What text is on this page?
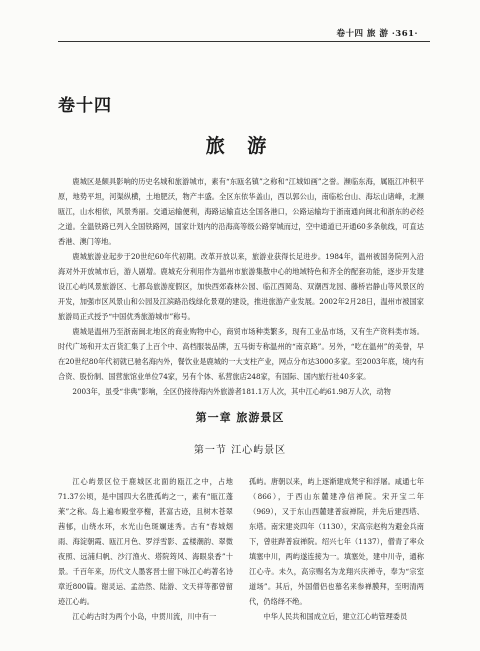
卷十四 旅 游 ·361·
卷十四
旅 游

鹿城区是颇具影响的历史名城和旅游城市，素有“东瓯名镇”之称和“江城如画”之誉。濒临东海，属瓯江冲积平原，地势平坦，河渠纵横，土地肥沃，物产丰盛。全区东依华盖山，西以郭公山，南临松台山、海坛山诸峰，北濒瓯江，山水相依，风景秀丽。交通运输便利，海路运输直达全国各港口，公路运输均于浙南通向闽北和浙东的必经之道。全温铁路已列入全国铁路网，国家计划内的沿海高等级公路穿城而过，空中通道已开通60多条航线，可直达香港、澳门等地。

鹿城旅游业起步于20世纪60年代初期。改革开放以来，旅游业获得长足进步。1984年，温州被国务院列入沿海对外开放城市后，游人剧增。鹿城充分利用作为温州市旅游集散中心的地域特色和齐全的配套功能，逐步开发建设江心屿风景旅游区、七都岛旅游度假区，加快西郊森林公园、临江西岡岛、双潮西龙园、藤桥岩静山等风景区的开发，加强市区风景山和公园及江滨路沿线绿化景观的建设，推进旅游产业发展。2002年2月28日，温州市被国家旅游局正式授予“中国优秀旅游城市”称号。

鹿城是温州乃至浙南闽北地区的商业购物中心，商贸市场种类繁多，现有工业品市场，又有生产资料类市场。时代广场和开太百货汇集了上百个中、高档服装品牌，五马街专称温州的“南京路”。另外，“吃在温州”的美誉，早在20世纪80年代初就已驰名海内外，餐饮业是鹿城的一大支柱产业，网点分布达3000多家。至2003年底，境内有合资、股份制、国营旅馆业单位74家，另有个体、私营旅店248家，有国际、国内旅行社40多家。

2003年，虽受“非典”影响，全区仍接待海内外旅游者181.1万人次，其中江心屿61.98万人次，动物

第一章 旅游景区
第一节 江心屿景区

江心屿景区位于鹿城区北面的瓯江之中，占地71.37公顷，是中国四大名胜孤屿之一，素有“瓯江蓬莱”之称。岛上遍布殿堂亭榭，甚富古迹，且树木苍翠茜郁，山绕水环，水光山色斑斓迷秀。古有“春城烟雨、海淀朝霞、瓯江月色、罗浮雪影、孟楼潮韵、翠微夜照、远浦归帆、沙汀渔火、塔院筠风、海眼泉香”十景。千百年来，历代文人墨客晋士留下咏江心屿著名诗章近800篇。谢灵运、孟浩然、陆游、文天祥等都曾留迹江心屿。

江心屿古时为两个小岛，中贯川流，川中有一

孤屿。唐朝以来，屿上逐渐建成梵宇和浮屠。咸通七年（866），于西山东麓建净信禅院。宋开宝二年（969），又于东山西麓建普寂禅院，并先后建西塔、东塔。南宋建炎四年（1130），宋高宗赵构为避金兵南下，曾驻跸普寂禅院。绍兴七年（1137），僧青了率众填塞中川，两屿遂连接为一。填塞处，建中川寺，通称江心寺。未久，高宗赐名为龙翔兴庆禅寺，奉为“宗室道场”。其后，外国僧侣也慕名来参禅膜拜，至明清两代，仍络绎不绝。

中华人民共和国成立后，建立江心屿管理委员
